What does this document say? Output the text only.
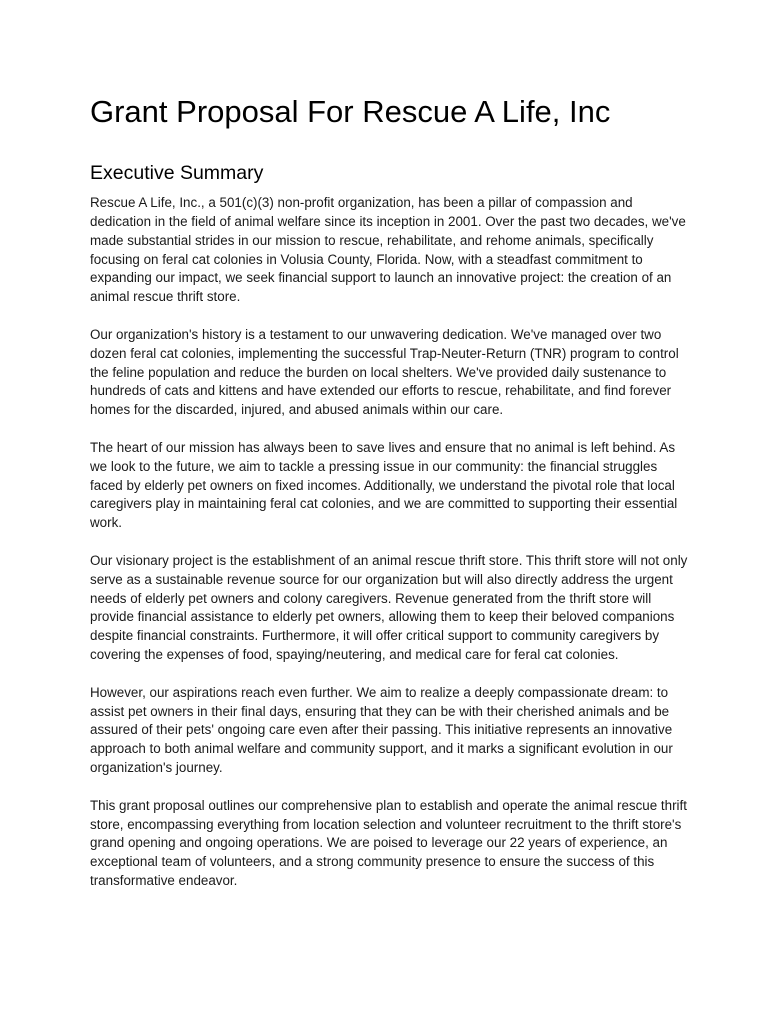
Grant Proposal For Rescue A Life, Inc
Executive Summary

Rescue A Life, Inc., a 501(c)(3) non-profit organization, has been a pillar of compassion and dedication in the field of animal welfare since its inception in 2001. Over the past two decades, we've made substantial strides in our mission to rescue, rehabilitate, and rehome animals, specifically focusing on feral cat colonies in Volusia County, Florida. Now, with a steadfast commitment to expanding our impact, we seek financial support to launch an innovative project: the creation of an animal rescue thrift store.

Our organization's history is a testament to our unwavering dedication. We've managed over two dozen feral cat colonies, implementing the successful Trap-Neuter-Return (TNR) program to control the feline population and reduce the burden on local shelters. We've provided daily sustenance to hundreds of cats and kittens and have extended our efforts to rescue, rehabilitate, and find forever homes for the discarded, injured, and abused animals within our care.

The heart of our mission has always been to save lives and ensure that no animal is left behind. As we look to the future, we aim to tackle a pressing issue in our community: the financial struggles faced by elderly pet owners on fixed incomes. Additionally, we understand the pivotal role that local caregivers play in maintaining feral cat colonies, and we are committed to supporting their essential work.

Our visionary project is the establishment of an animal rescue thrift store. This thrift store will not only serve as a sustainable revenue source for our organization but will also directly address the urgent needs of elderly pet owners and colony caregivers. Revenue generated from the thrift store will provide financial assistance to elderly pet owners, allowing them to keep their beloved companions despite financial constraints. Furthermore, it will offer critical support to community caregivers by covering the expenses of food, spaying/neutering, and medical care for feral cat colonies.

However, our aspirations reach even further. We aim to realize a deeply compassionate dream: to assist pet owners in their final days, ensuring that they can be with their cherished animals and be assured of their pets' ongoing care even after their passing. This initiative represents an innovative approach to both animal welfare and community support, and it marks a significant evolution in our organization's journey.

This grant proposal outlines our comprehensive plan to establish and operate the animal rescue thrift store, encompassing everything from location selection and volunteer recruitment to the thrift store's grand opening and ongoing operations. We are poised to leverage our 22 years of experience, an exceptional team of volunteers, and a strong community presence to ensure the success of this transformative endeavor.
